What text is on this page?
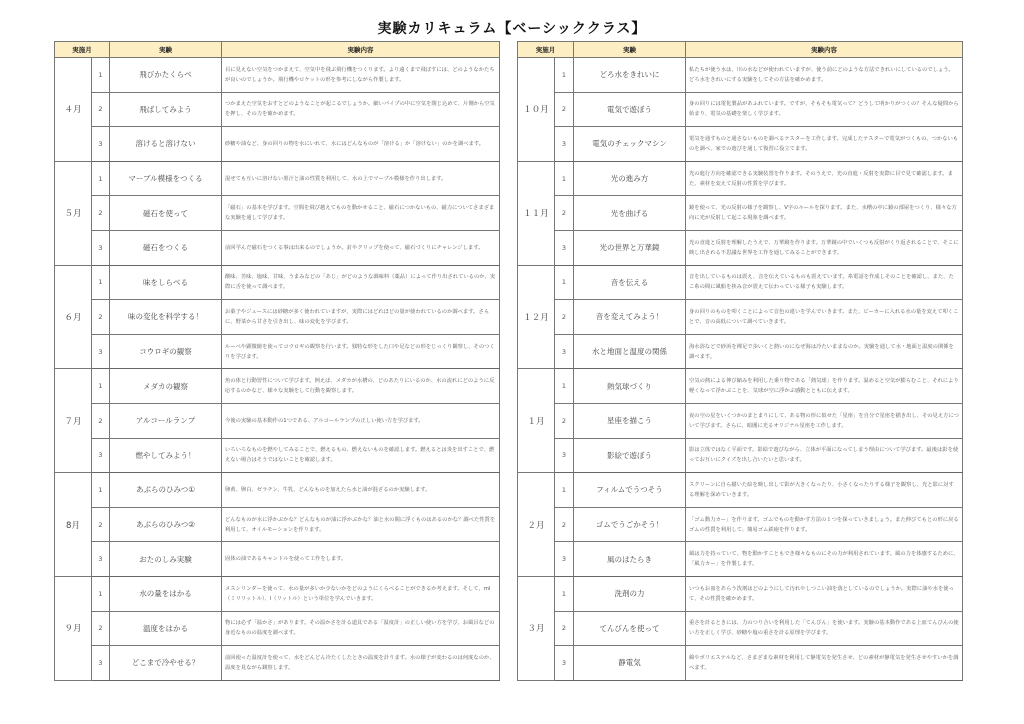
実験カリキュラム【ベーシッククラス】
実施月		実験	実験内容
４月	1	飛びかたくらべ	目に見えない空気をつかまえて、空気中を飛ぶ飛行機をつくります。より遠くまで飛ばすには、どのようなかたちが良いのでしょうか。飛行機やロケットの形を参考にしながら作製します。
	2	飛ばしてみよう	つかまえた空気をおすとどのようなことが起こるでしょうか。細いパイプの中に空気を閉じ込めて、片側から空気を押し、その力を確かめます。
	3	溶けると溶けない	砂糖や油など、身の回りの物を水にいれて、水にはどんなものが「溶ける」か「溶けない」のかを調べます。
５月	1	マーブル模様をつくる	混ぜても互いに溶けない墨汁と油の性質を利用して、水の上でマーブル模様を作り出します。
	2	磁石を使って	「磁石」の基本を学びます。空間を飛び越えてものを動かせること、磁石につかないもの、磁力についてさまざまな実験を通して学びます。
	3	磁石をつくる	前回学んだ磁石をつくる事は出来るのでしょうか。釘やクリップを使って、磁石づくりにチャレンジします。
６月	1	味をしらべる	酸味、苦味、塩味、甘味、うまみなどの「あじ」がどのような調味料（薬品）によって作り出されているのか、実際に舌を使って調べます。
	2	味の変化を科学する！	お菓子やジュースには砂糖が多く使われていますが、実際にはどれほどの量が使われているのか調べます。さらに、野菜から甘さを引き出し、味の変化を学びます。
	3	コウロギの観察	ルーペや顕微鏡を使ってコウロギの観察を行います。独特な形をした口や足などの形をじっくり観察し、そのつくりを学びます。
７月	1	メダカの観察	魚の体と行動習性について学びます。例えば、メダカが水槽の、どのあたりにいるのか、水の流れにどのように反応するのかなど、様々な実験をして行動を観察します。
	2	アルコールランプ	今後の実験の基本動作の1つである、アルコールランプの正しい使い方を学びます。
	3	燃やしてみよう！	いろいろなものを燃やしてみることで、燃えるもの、燃えないものを確認します。燃えるとは炎を出すことで、燃えない場合はそうではないことを確認します。
8月	1	あぶらのひみつ①	卵黄、卵白、ゼラチン、牛乳、どんなものを加えたら水と油が混ざるのか実験します。
	2	あぶらのひみつ②	どんなものが水に浮かぶかな？どんなものが油に浮かぶかな？油と水の間に浮くものはあるのかな？調べた性質を利用して、オイルモーションを作ります。
	3	おたのしみ実験	固体の油であるキャンドルを使って工作をします。
９月	1	水の量をはかる	メスシリンダーを使って、水の量が多いか少ないかをどのようにくらべることができるか考えます。そして、ml（ミリリットル）、l（リットル）という単位を学んでいきます。
	2	温度をはかる	物には必ず「温かさ」があります。その温かさを計る道具である「温度計」の正しい使い方を学び、お風呂などの身近なものの温度を調べます。
	3	どこまで冷やせる？	前回使った温度計を使って、水をどんどん冷たくしたときの温度を計ります。水の様子が変わるのは何度なのか、温度を見ながら観察します。
実施月		実験	実験内容
１０月	1	どろ水をきれいに	私たちが使う水は、川の水などが使われていますが、使う前にどのような方法できれいにしているのでしょう。どろ水をきれいにする実験をしてその方法を確かめます。
	2	電気で遊ぼう	身の回りには電化製品があふれています。ですが、そもそも電気って？どうして明かりがつくの？そんな疑問から始まり、電気の基礎を楽しく学びます。
	3	電気のチェックマシン	電気を通すものと通さないものを調べるテスターを工作します。完成したテスターで電気がつくもの、つかないものを調べ、家での遊びを通して復習に役立てます。
１１月	1	光の進み方	光の進行方向を確認できる実験装置を作ります。そのうえで、光の直進・反射を実際に目で見て確認します。また、素材を変えて反射の性質を学びます。
	2	光を曲げる	鏡を使って、光の反射の様子を観察し、V字のルールを探ります。また、水槽の中に鏡の部屋をつくり、様々な方向に光が反射して起こる現象を調べます。
	3	光の世界と万華鏡	光の直進と反射を理解したうえで、万華鏡を作ります。万華鏡の中でいくつも反射がくり返されることで、そこに映し出される不思議な世界を工作を通してみることができます。
１２月	1	音を伝える	音を出しているものは震え、音を伝えているものも震えています。糸電話を作成しそのことを確認し、また、たこ糸の間に風船を挟み音が震えて伝わっている様子も実験します。
	2	音を変えてみよう！	身の回りのものを叩くことによって音色の違いを学んでいきます。また、ビーカーに入れる水の量を変えて叩くことで、音の高低について調べていきます。
	3	水と地面と温度の関係	海水浴などで砂浜を裸足で歩いくと熱いのになぜ海は冷たいままなのか。実験を通して水・地面と温度の関係を調べます。
１月	1	熱気球づくり	空気の熱による伸び縮みを利用した乗り物である「熱気球」を作ります。温めると空気が膨らむこと、それにより軽くなって浮かぶことを、気球が空に浮かぶ感動とともに伝えます。
	2	星座を描こう	夜の空の星をいくつかのまとまりにして、ある物の形に似せた「星座」を自分で星座を描き出し、その見え方について学びます。さらに、暗闇に光るオリジナル星座を工作します。
	3	影絵で遊ぼう	影は立体ではなく平面です。影絵で遊びながら、立体が平面になってしまう理由について学びます。最後は影を使ってお互いにクイズを出し合いたいと思います。
２月	1	フィルムでうつそう	スクリーンに自ら描いた絵を映し出して影が大きくなったり、小さくなったりする様子を観察し、光と影に対する理解を深めていきます。
	2	ゴムでうごかそう！	「ゴム動力カー」を作ります。ゴムでものを動かす方法の１つを探っていきましょう。また伸びてもとの形に戻るゴムの性質を利用して、簡易ゴム鉄砲を作ります。
	3	風のはたらき	風は力を持っていて、物を動かすこともでき様々なものにその力が利用されています。風の力を体感するために、「風力カー」を作製します。
３月	1	洗剤の力	いつもお皿をあらう洗剤はどのようにして汚れやしつこい油を落としているのでしょうか。実際に油や水を使って、その性質を確かめます。
	2	てんびんを使って	重さを計るときには、力のつり合いを利用した「てんびん」を使います。実験の基本動作である上皿てんびんの使い方を正しく学び、砂糖や塩の重さを計る原理を学びます。
	3	静電気	綿やポリエステルなど、さまざまな素材を利用して静電気を発生させ、どの素材が静電気を発生させやすいかを調べます。
